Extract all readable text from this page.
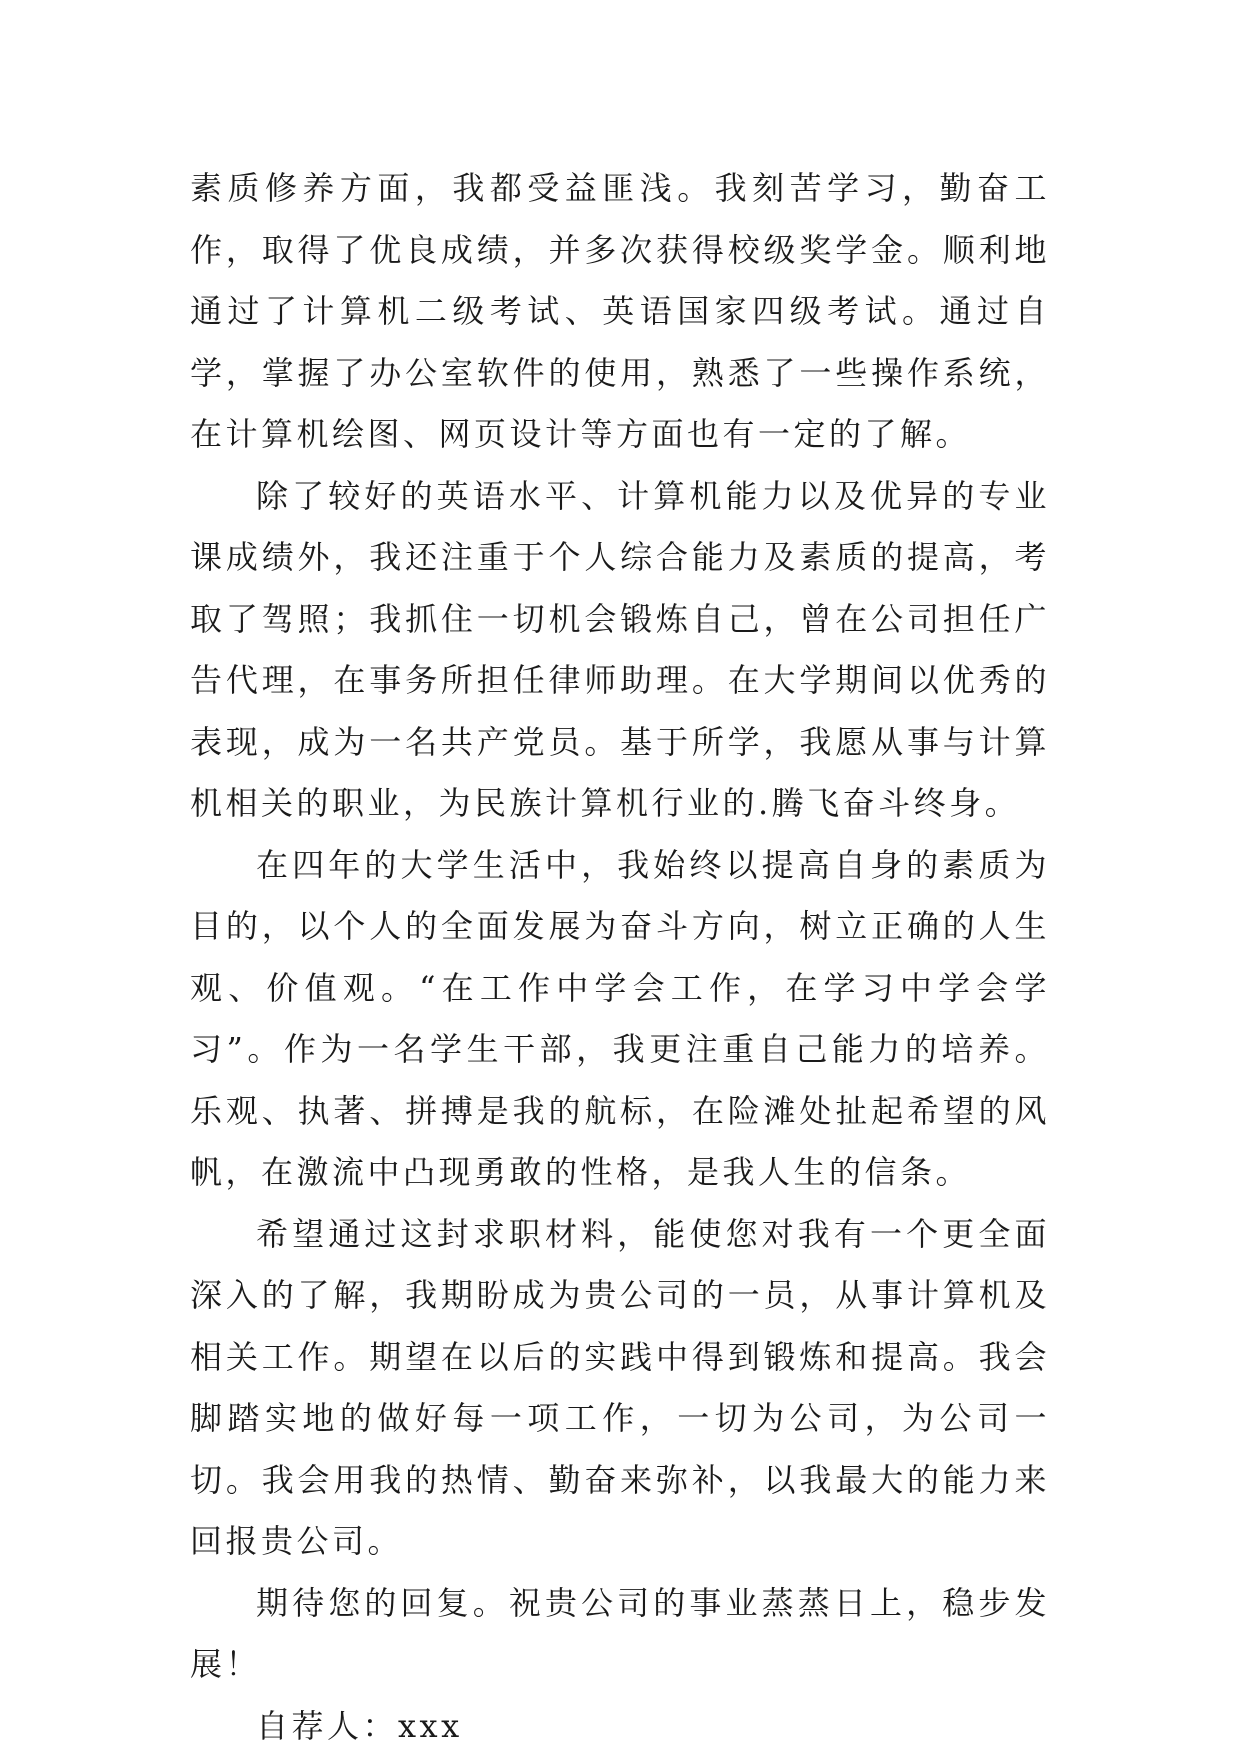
素质修养方面，我都受益匪浅。我刻苦学习，勤奋工作，取得了优良成绩，并多次获得校级奖学金。顺利地通过了计算机二级考试、英语国家四级考试。通过自学，掌握了办公室软件的使用，熟悉了一些操作系统，在计算机绘图、网页设计等方面也有一定的了解。

除了较好的英语水平、计算机能力以及优异的专业课成绩外，我还注重于个人综合能力及素质的提高，考取了驾照；我抓住一切机会锻炼自己，曾在公司担任广告代理，在事务所担任律师助理。在大学期间以优秀的表现，成为一名共产党员。基于所学，我愿从事与计算机相关的职业，为民族计算机行业的.腾飞奋斗终身。

在四年的大学生活中，我始终以提高自身的素质为目的，以个人的全面发展为奋斗方向，树立正确的人生观、价值观。“在工作中学会工作，在学习中学会学习”。作为一名学生干部，我更注重自己能力的培养。乐观、执著、拼搏是我的航标，在险滩处扯起希望的风帆，在激流中凸现勇敢的性格，是我人生的信条。

希望通过这封求职材料，能使您对我有一个更全面深入的了解，我期盼成为贵公司的一员，从事计算机及相关工作。期望在以后的实践中得到锻炼和提高。我会脚踏实地的做好每一项工作，一切为公司，为公司一切。我会用我的热情、勤奋来弥补，以我最大的能力来回报贵公司。

期待您的回复。祝贵公司的事业蒸蒸日上，稳步发展！

自荐人：xxx
